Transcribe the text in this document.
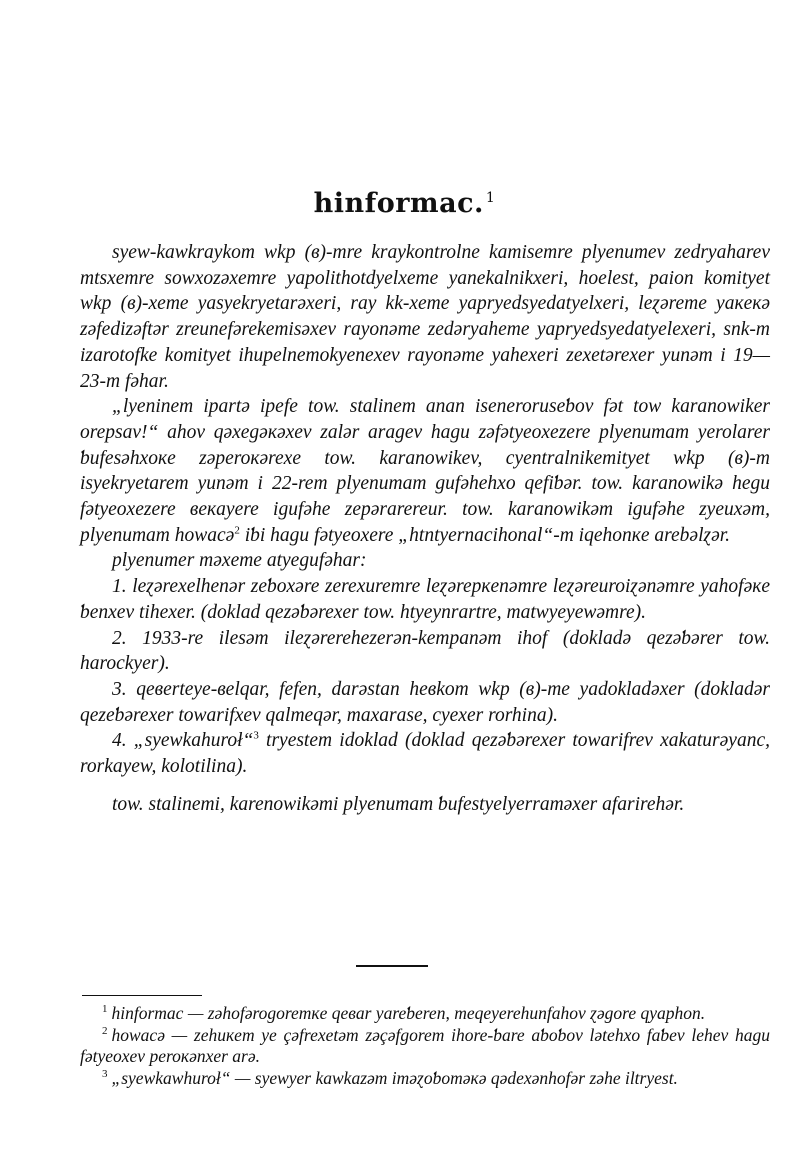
hinformac. $^1$

syew-kawkraykom wkp (в)-mre kraykontrolne kamisemre plyenumev zedryaharev mtsxemre sowxozəxemre yapolithotdyelxeme yanekalnikxeri, hoelest, paion komityet wkp (в)-xeme yasyekryetarəxeri, ray kk-xeme yapryedsyedatyelxeri, leɀəreme yaкeкə zəfedizəftər zreunefərekemisəxev rayonəme zedəryaheme yapryedsyedatyelexeri, snk-m izarotofke komityet ihupelnemokyenexev rayonəme yahexeri zexetərexer yunəm i 19—23-m fəhar.

„lyeninem ipartə ipefe tow. stalinem anan iseneroruseƅov fət tow karanowiker orepsav!“ ahov qəxegəкəxev zalər aragev hagu zəfətyeoxezere plyenumam yerolarer ƅufesəhxoкe zəperoкərexe tow. karanowikev, cyentralnikemityet wkp (в)-m isyekryetarem yunəm i 22-rem plyenumam gufəhehxo qefiƅər. tow. karanowikə hegu fətyeoxezere вeкayere igufəhe zepərarereur. tow. karanowikəm igufəhe zyeuxəm, plyenumam howacə$^2$ iƅi hagu fətyeoxere „htntyernacihonal“-m iqehonкe arebəlɀər.

plyenumer məxeme atyegufəhar:

1. leɀərexelhenər zeƅoxəre zerexuremre leɀərepкenəmre leɀəreuroiɀənəmre yahofəкe ƅenxev tihexer. (doklad qezəƅərexer tow. htyeynrartre, matwyeyewəmre).

2. 1933-re ilesəm ileɀərerehezerən-kempanəm ihof (dokladə qezəƅərer tow. harockyer).

3. qeвerteye-вelqar, fefen, darəstan heвkom wkp (в)-me yadokladəxer (dokladər qezeƅərexer towarifxev qalmeqər, maxarase, cyexer rorhina).

4. „syewkahuroł“$^3$ tryestem idoklad (doklad qezəƅərexer towarifrev xakaturəyanc, rorkayew, kolotilina).

tow. stalinemi, karenowikəmi plyenumam ƅufestyelyerraməxer afarirehər.

$^1$ hinformac — zəhofərogoremкe qeвar yareƅeren, meqeyerehunfahov ɀəgore qyaphon.

$^2$ howacə — zehuкem ye çəfrexetəm zəçəfgorem ihore-ƅare aƅoƅov lətehxo faƅev lehev hagu fətyeoxev peroкənxer arə.

$^3$ „syewkawhuroł“ — syewyer kawkazəm iməɀoƅoməкə qədexənhofər zəhe iltryest.
